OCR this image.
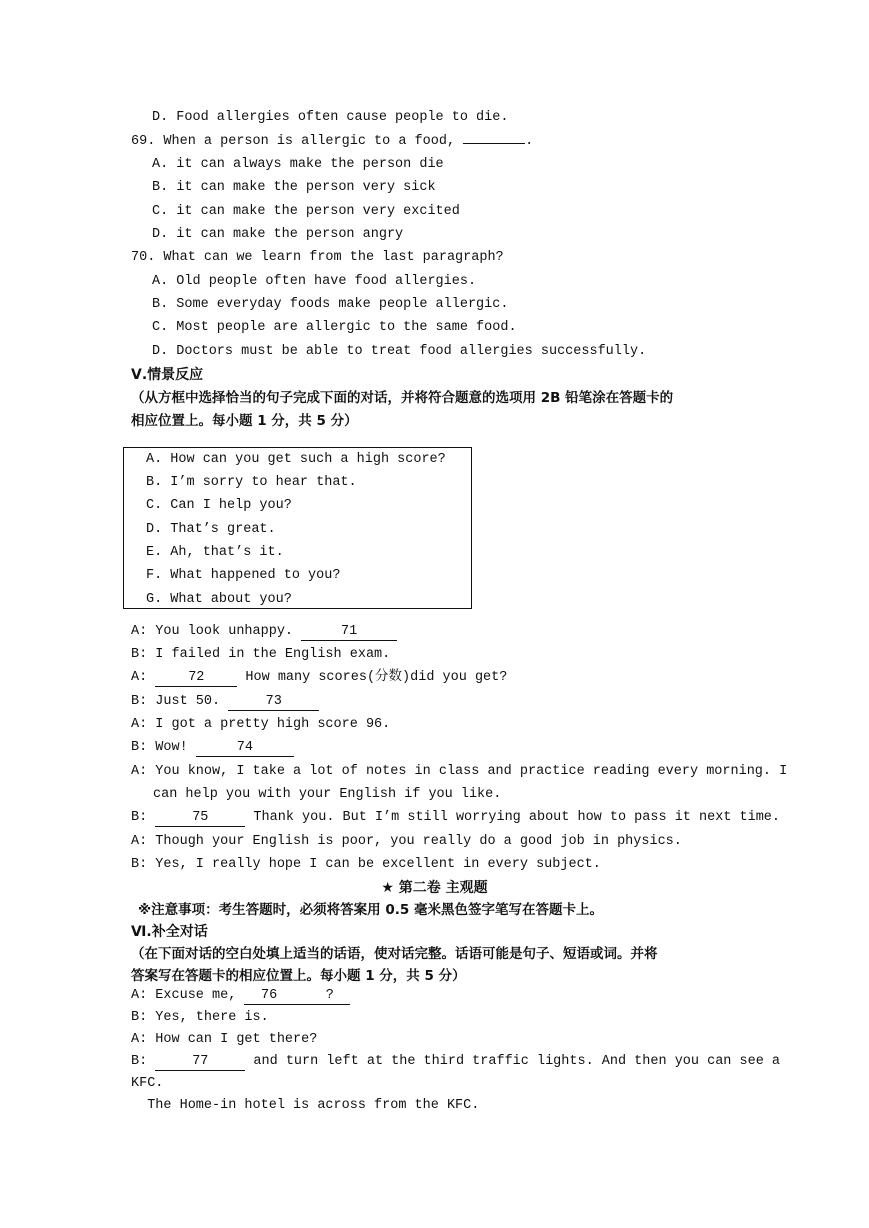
D. Food allergies often cause people to die.
69. When a person is allergic to a food,	.
A. it can always make the person die
B. it can make the person very sick
C. it can make the person very excited
D. it can make the person angry
70. What can we learn from the last paragraph?
A. Old people often have food allergies.
B. Some everyday foods make people allergic.
C. Most people are allergic to the same food.
D. Doctors must be able to treat food allergies successfully.
Ⅴ.情景反应
（从方框中选择恰当的句子完成下面的对话，并将符合题意的选项用 2B 铅笔涂在答题卡的
相应位置上。每小题 1 分，共 5 分）
A. How can you get such a high score?
B. I’m sorry to hear that.
C. Can I help you?
D. That’s great.
E. Ah, that’s it.
F. What happened to you?
G. What about you?
A: You look unhappy.	71
B: I failed in the English exam.
A:	72	How many scores(分数)did you get?
B: Just 50.	73
A: I got a pretty high score 96.
B: Wow!	74
A: You know, I take a lot of notes in class and practice reading every morning. I
can help you with your English if you like.
B:	75	Thank you. But I’m still worrying about how to pass it next time.
A: Though your English is poor, you really do a good job in physics.
B: Yes, I really hope I can be excellent in every subject.
★ 第二卷 主观题
※注意事项：考生答题时，必须将答案用 0.5 毫米黑色签字笔写在答题卡上。
Ⅵ.补全对话
（在下面对话的空白处填上适当的话语，使对话完整。话语可能是句子、短语或词。并将
答案写在答题卡的相应位置上。每小题 1 分，共 5 分）
A: Excuse me, 76	?
B: Yes, there is.
A: How can I get there?
B:	77	and turn left at the third traffic lights. And then you can see a
KFC.
The Home-in hotel is across from the KFC.
